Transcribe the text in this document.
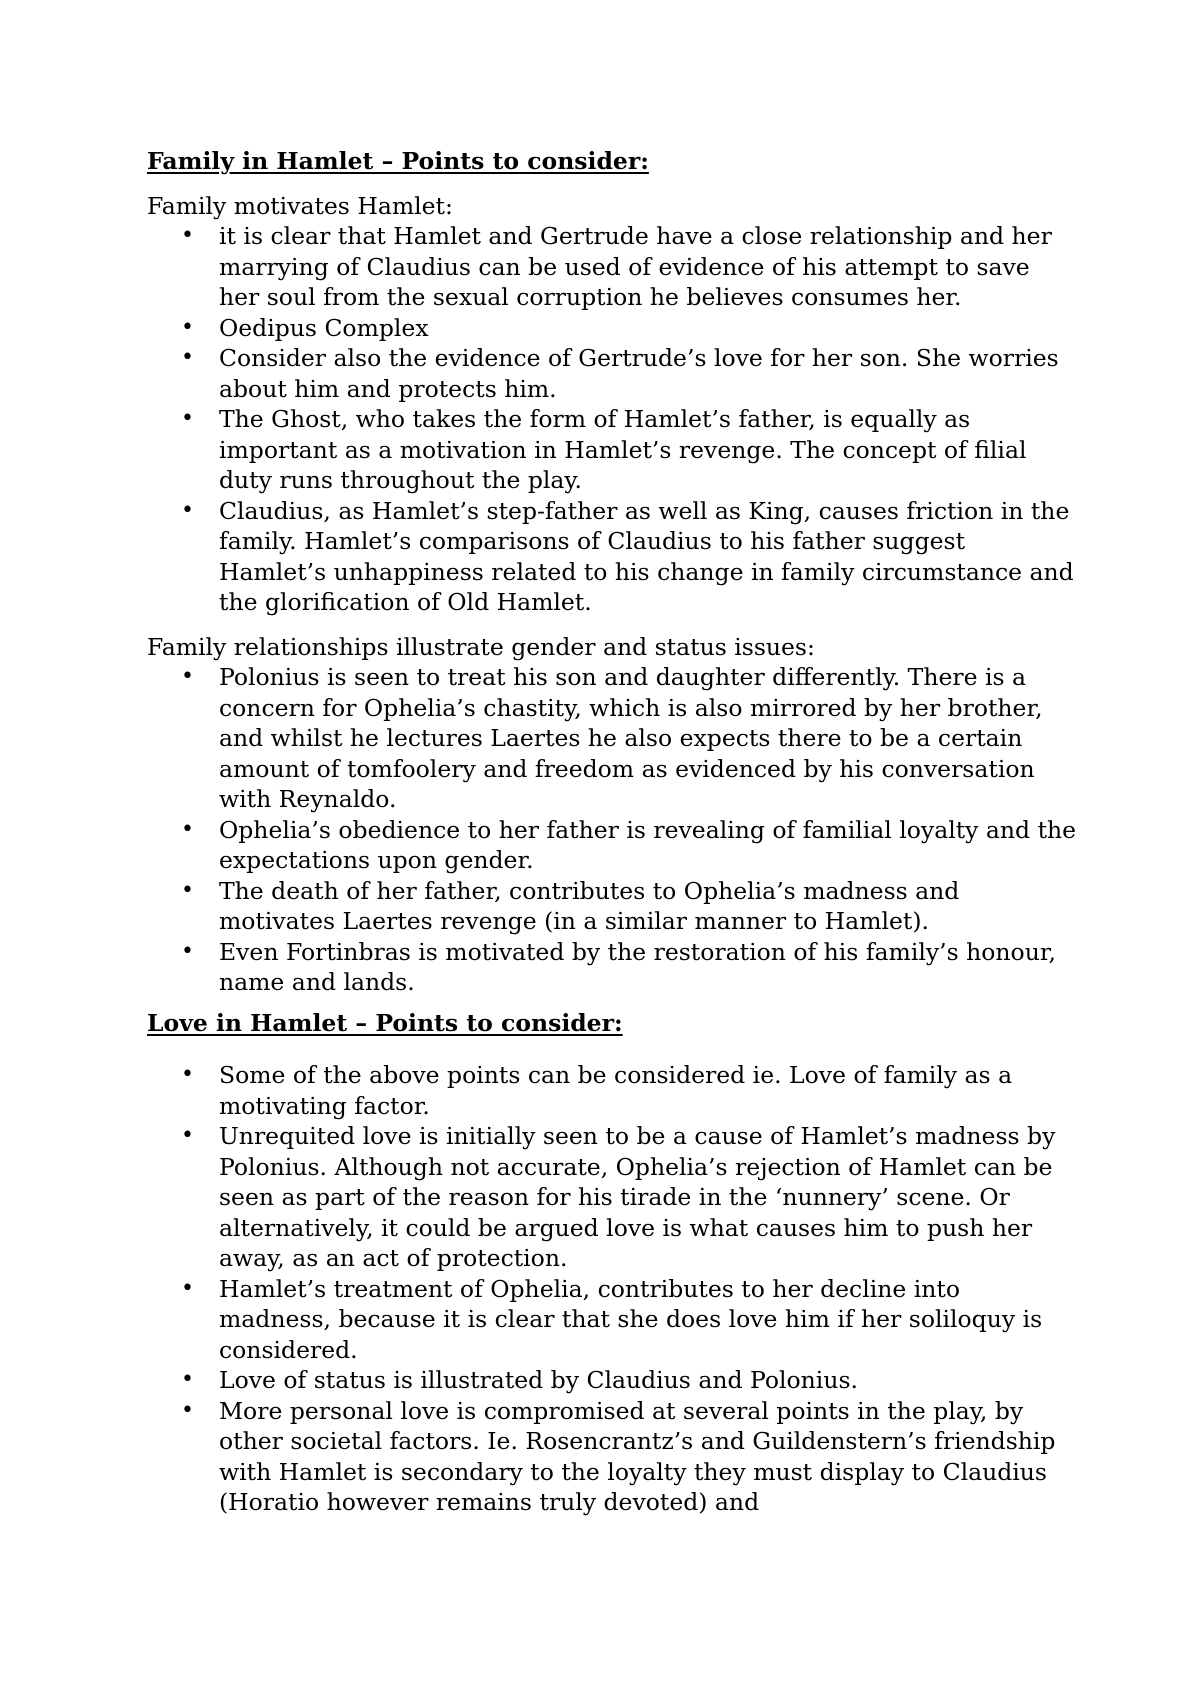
Family in Hamlet – Points to consider:

Family motivates Hamlet:

• it is clear that Hamlet and Gertrude have a close relationship and her marrying of Claudius can be used of evidence of his attempt to save her soul from the sexual corruption he believes consumes her.
• Oedipus Complex
• Consider also the evidence of Gertrude’s love for her son. She worries about him and protects him.
• The Ghost, who takes the form of Hamlet’s father, is equally as important as a motivation in Hamlet’s revenge. The concept of filial duty runs throughout the play.
• Claudius, as Hamlet’s step-father as well as King, causes friction in the family. Hamlet’s comparisons of Claudius to his father suggest Hamlet’s unhappiness related to his change in family circumstance and the glorification of Old Hamlet.

Family relationships illustrate gender and status issues:

• Polonius is seen to treat his son and daughter differently. There is a concern for Ophelia’s chastity, which is also mirrored by her brother, and whilst he lectures Laertes he also expects there to be a certain amount of tomfoolery and freedom as evidenced by his conversation with Reynaldo.
• Ophelia’s obedience to her father is revealing of familial loyalty and the expectations upon gender.
• The death of her father, contributes to Ophelia’s madness and motivates Laertes revenge (in a similar manner to Hamlet).
• Even Fortinbras is motivated by the restoration of his family’s honour, name and lands.

Love in Hamlet – Points to consider:

• Some of the above points can be considered ie. Love of family as a motivating factor.
• Unrequited love is initially seen to be a cause of Hamlet’s madness by Polonius. Although not accurate, Ophelia’s rejection of Hamlet can be seen as part of the reason for his tirade in the ‘nunnery’ scene. Or alternatively, it could be argued love is what causes him to push her away, as an act of protection.
• Hamlet’s treatment of Ophelia, contributes to her decline into madness, because it is clear that she does love him if her soliloquy is considered.
• Love of status is illustrated by Claudius and Polonius.
• More personal love is compromised at several points in the play, by other societal factors. Ie. Rosencrantz’s and Guildenstern’s friendship with Hamlet is secondary to the loyalty they must display to Claudius (Horatio however remains truly devoted) and
